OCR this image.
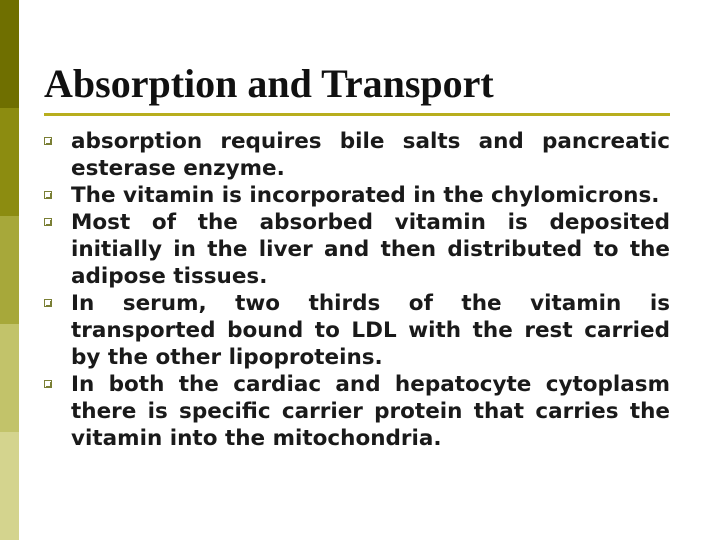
Absorption and Transport
absorption requires bile salts and pancreatic esterase enzyme.
The vitamin is incorporated in the chylomicrons.
Most of the absorbed vitamin is deposited initially in the liver and then distributed to the adipose tissues.
In serum, two thirds of the vitamin is transported bound to LDL with the rest carried by the other lipoproteins.
In both the cardiac and hepatocyte cytoplasm there is specific carrier protein that carries the vitamin into the mitochondria.
